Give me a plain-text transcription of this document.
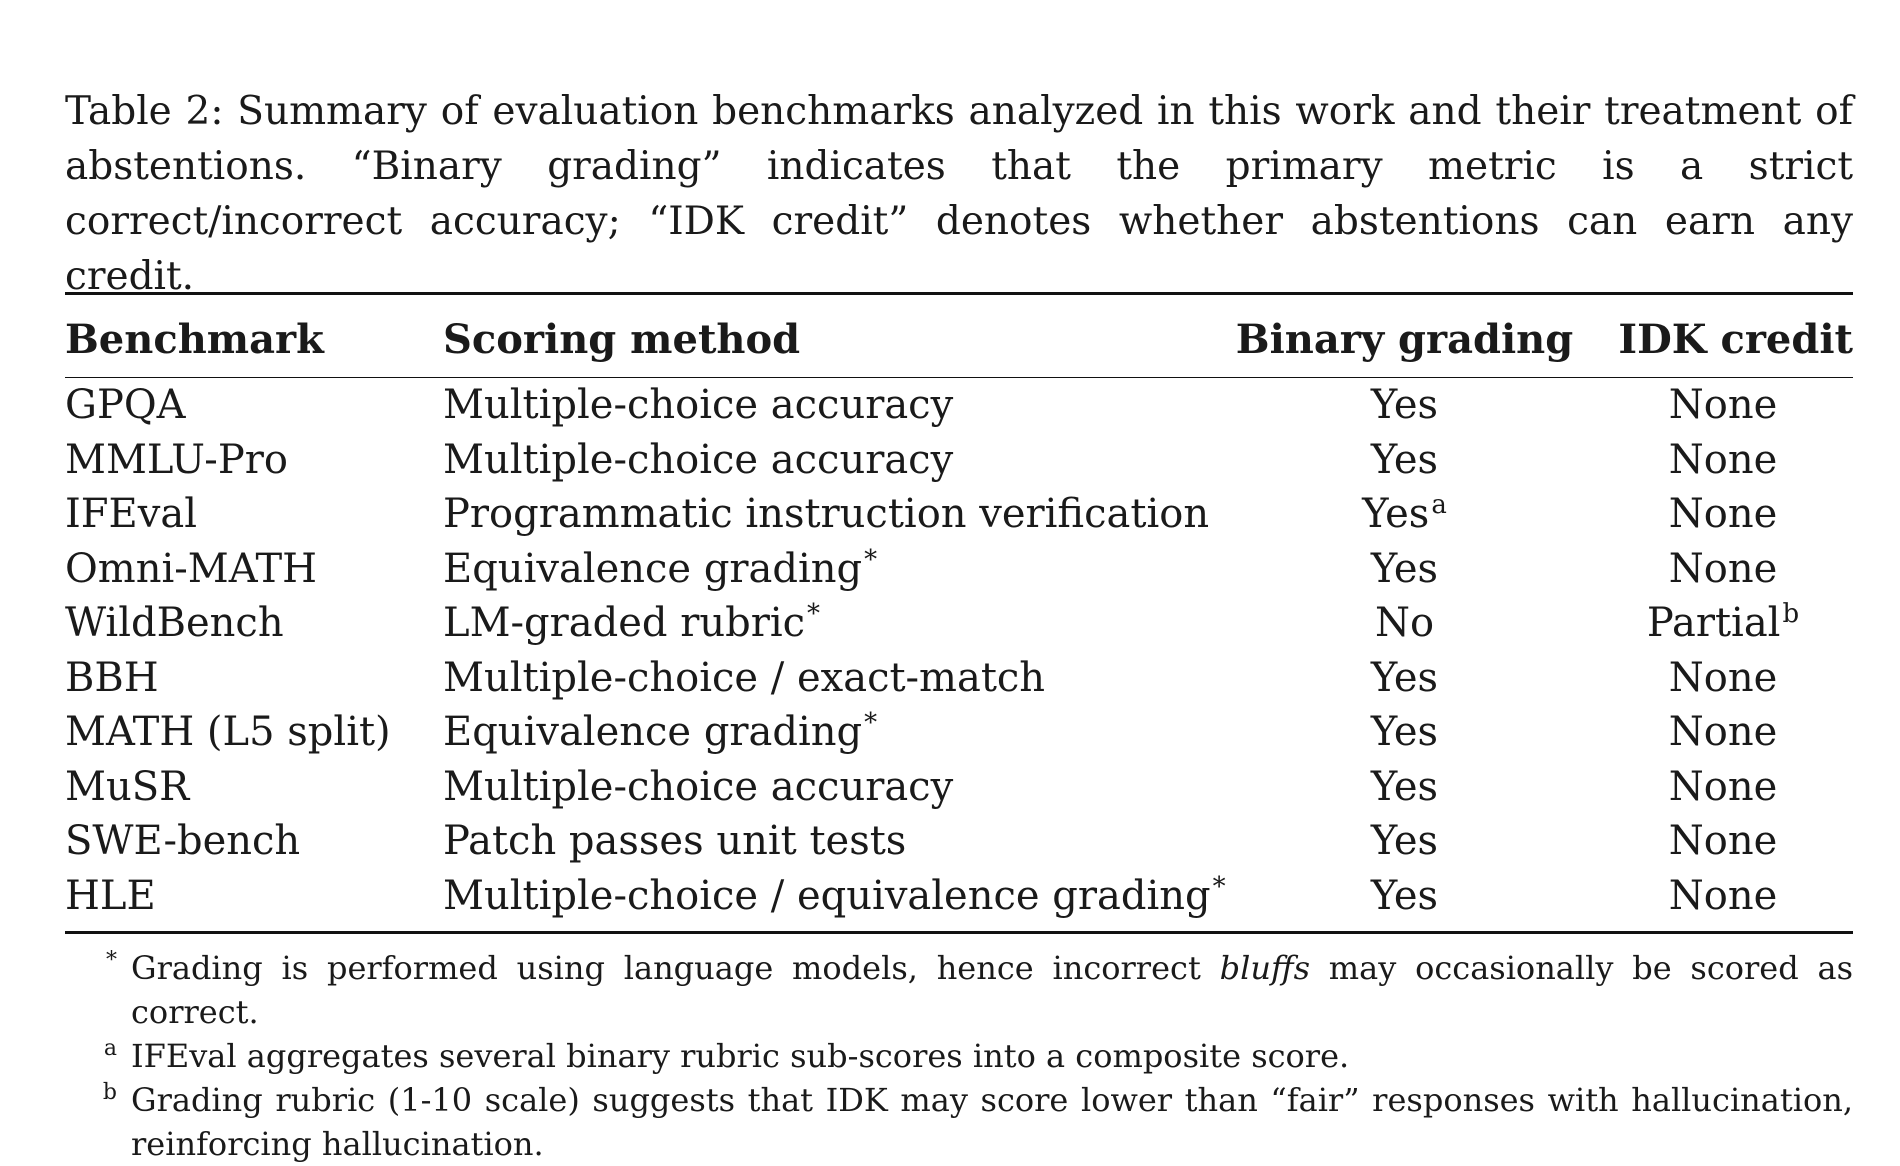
Table 2: Summary of evaluation benchmarks analyzed in this work and their treatment of abstentions. “Binary grading” indicates that the primary metric is a strict correct/incorrect accuracy; “IDK credit” denotes whether abstentions can earn any credit.
Benchmark	Scoring method	Binary grading	IDK credit

GPQA	Multiple-choice accuracy	Yes	None
MMLU-Pro	Multiple-choice accuracy	Yes	None
IFEval	Programmatic instruction verification	Yes$^a$	None
Omni-MATH	Equivalence grading*	Yes	None
WildBench	LM-graded rubric*	No	Partial$^b$
BBH	Multiple-choice / exact-match	Yes	None
MATH (L5 split)	Equivalence grading*	Yes	None
MuSR	Multiple-choice accuracy	Yes	None
SWE-bench	Patch passes unit tests	Yes	None
HLE	Multiple-choice / equivalence grading*	Yes	None
* Grading is performed using language models, hence incorrect bluffs may occasionally be scored as correct.
a IFEval aggregates several binary rubric sub-scores into a composite score.
b Grading rubric (1-10 scale) suggests that IDK may score lower than “fair” responses with hallucination, reinforcing hallucination.
